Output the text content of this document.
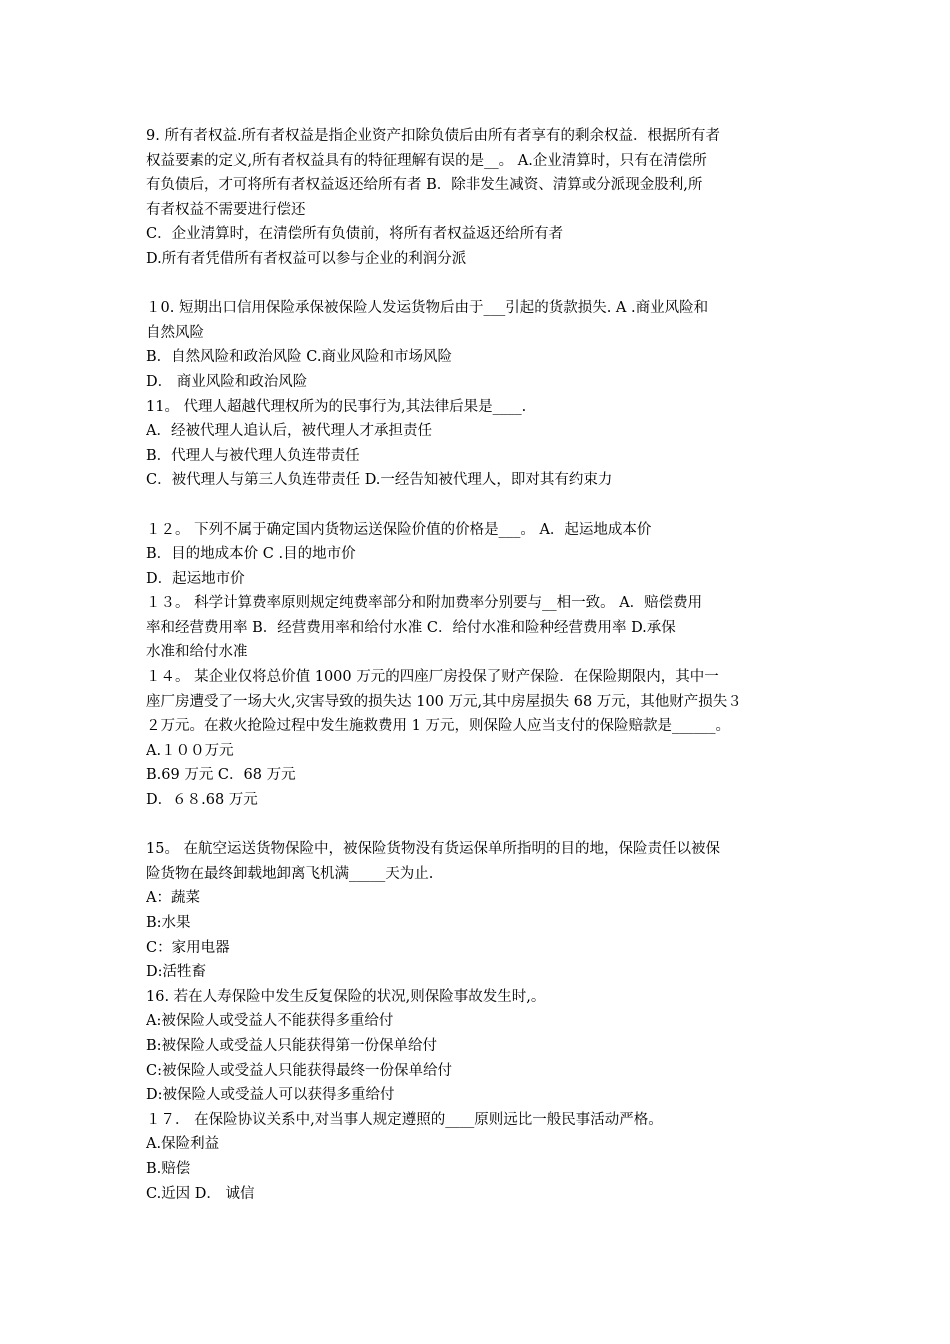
9. 所有者权益.所有者权益是指企业资产扣除负债后由所有者享有的剩余权益．根据所有者
权益要素的定义,所有者权益具有的特征理解有误的是__。 A.企业清算时，只有在清偿所
有负债后，才可将所有者权益返还给所有者 B．除非发生减资、清算或分派现金股利,所
有者权益不需要进行偿还
C．企业清算时，在清偿所有负债前，将所有者权益返还给所有者
D.所有者凭借所有者权益可以参与企业的利润分派
１0. 短期出口信用保险承保被保险人发运货物后由于___引起的货款损失. A .商业风险和
自然风险
B．自然风险和政治风险 C.商业风险和市场风险
D． 商业风险和政治风险
11。 代理人超越代理权所为的民事行为,其法律后果是____.
A．经被代理人追认后，被代理人才承担责任
B．代理人与被代理人负连带责任
C．被代理人与第三人负连带责任 D.一经告知被代理人，即对其有约束力
１２。 下列不属于确定国内货物运送保险价值的价格是___。 A．起运地成本价
B．目的地成本价 C .目的地市价
D．起运地市价
１３。 科学计算费率原则规定纯费率部分和附加费率分别要与__相一致。 A．赔偿费用
率和经营费用率 B．经营费用率和给付水准 C．给付水准和险种经营费用率 D.承保
水准和给付水准
１４。 某企业仅将总价值 1000 万元的四座厂房投保了财产保险．在保险期限内，其中一
座厂房遭受了一场大火,灾害导致的损失达 100 万元,其中房屋损失 68 万元，其他财产损失３
２万元。在救火抢险过程中发生施救费用 1 万元，则保险人应当支付的保险赔款是______。
A.１００万元
B.69 万元 C．68 万元
D．６８.68 万元
15。 在航空运送货物保险中，被保险货物没有货运保单所指明的目的地，保险责任以被保
险货物在最终卸载地卸离飞机满_____天为止.
A：蔬菜
B:水果
C：家用电器
D:活牲畜
16. 若在人寿保险中发生反复保险的状况,则保险事故发生时,。
A:被保险人或受益人不能获得多重给付
B:被保险人或受益人只能获得第一份保单给付
C:被保险人或受益人只能获得最终一份保单给付
D:被保险人或受益人可以获得多重给付
１７． 在保险协议关系中,对当事人规定遵照的____原则远比一般民事活动严格。
A.保险利益
B.赔偿
C.近因 D． 诚信
